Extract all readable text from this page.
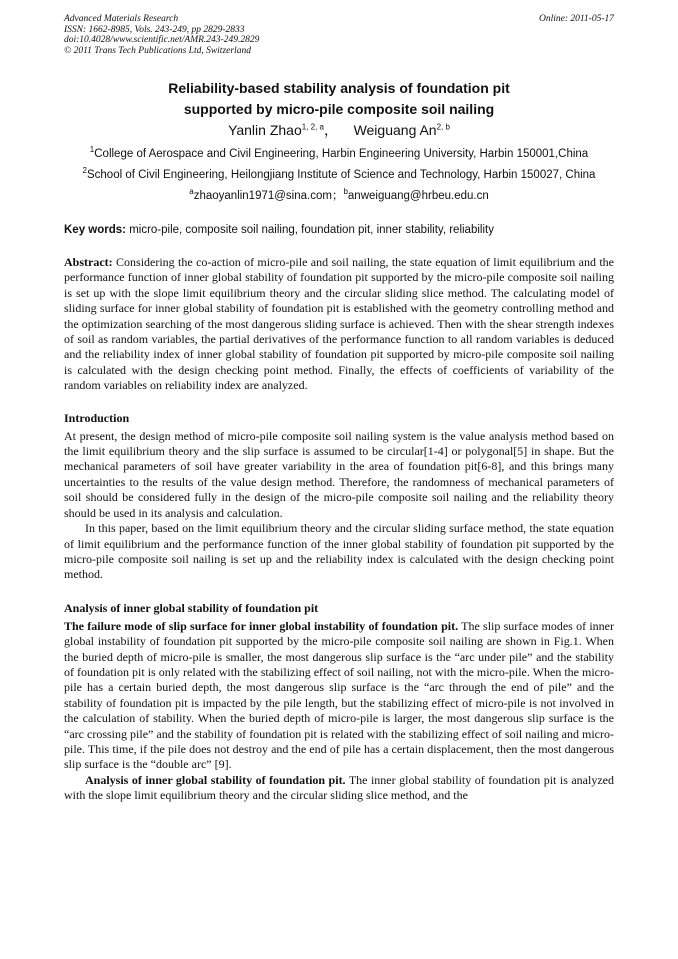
Advanced Materials Research
ISSN: 1662-8985, Vols. 243-249, pp 2829-2833
doi:10.4028/www.scientific.net/AMR.243-249.2829
© 2011 Trans Tech Publications Ltd, Switzerland
Online: 2011-05-17
Reliability-based stability analysis of foundation pit
supported by micro-pile composite soil nailing
Yanlin Zhao$^{1, 2, a}$， Weiguang An$^{2, b}$
$^1$College of Aerospace and Civil Engineering, Harbin Engineering University, Harbin 150001,China
$^2$School of Civil Engineering, Heilongjiang Institute of Science and Technology, Harbin 150027, China
$^a$zhaoyanlin1971@sina.com；$^b$anweiguang@hrbeu.edu.cn
Key words: micro-pile, composite soil nailing, foundation pit, inner stability, reliability

Abstract: Considering the co-action of micro-pile and soil nailing, the state equation of limit equilibrium and the performance function of inner global stability of foundation pit supported by the micro-pile composite soil nailing is set up with the slope limit equilibrium theory and the circular sliding slice method. The calculating model of sliding surface for inner global stability of foundation pit is established with the geometry controlling method and the optimization searching of the most dangerous sliding surface is achieved. Then with the shear strength indexes of soil as random variables, the partial derivatives of the performance function to all random variables is deduced and the reliability index of inner global stability of foundation pit supported by micro-pile composite soil nailing is calculated with the design checking point method. Finally, the effects of coefficients of variability of the random variables on reliability index are analyzed.

Introduction

At present, the design method of micro-pile composite soil nailing system is the value analysis method based on the limit equilibrium theory and the slip surface is assumed to be circular[1-4] or polygonal[5] in shape. But the mechanical parameters of soil have greater variability in the area of foundation pit[6-8], and this brings many uncertainties to the results of the value design method. Therefore, the randomness of mechanical parameters of soil should be considered fully in the design of the micro-pile composite soil nailing and the reliability theory should be used in its analysis and calculation.

In this paper, based on the limit equilibrium theory and the circular sliding surface method, the state equation of limit equilibrium and the performance function of the inner global stability of foundation pit supported by the micro-pile composite soil nailing is set up and the reliability index is calculated with the design checking point method.

Analysis of inner global stability of foundation pit

The failure mode of slip surface for inner global instability of foundation pit. The slip surface modes of inner global instability of foundation pit supported by the micro-pile composite soil nailing are shown in Fig.1. When the buried depth of micro-pile is smaller, the most dangerous slip surface is the “arc under pile” and the stability of foundation pit is only related with the stabilizing effect of soil nailing, not with the micro-pile. When the micro-pile has a certain buried depth, the most dangerous slip surface is the “arc through the end of pile” and the stability of foundation pit is impacted by the pile length, but the stabilizing effect of micro-pile is not involved in the calculation of stability. When the buried depth of micro-pile is larger, the most dangerous slip surface is the “arc crossing pile” and the stability of foundation pit is related with the stabilizing effect of soil nailing and micro-pile. This time, if the pile does not destroy and the end of pile has a certain displacement, then the most dangerous slip surface is the “double arc” [9].

Analysis of inner global stability of foundation pit. The inner global stability of foundation pit is analyzed with the slope limit equilibrium theory and the circular sliding slice method, and the
